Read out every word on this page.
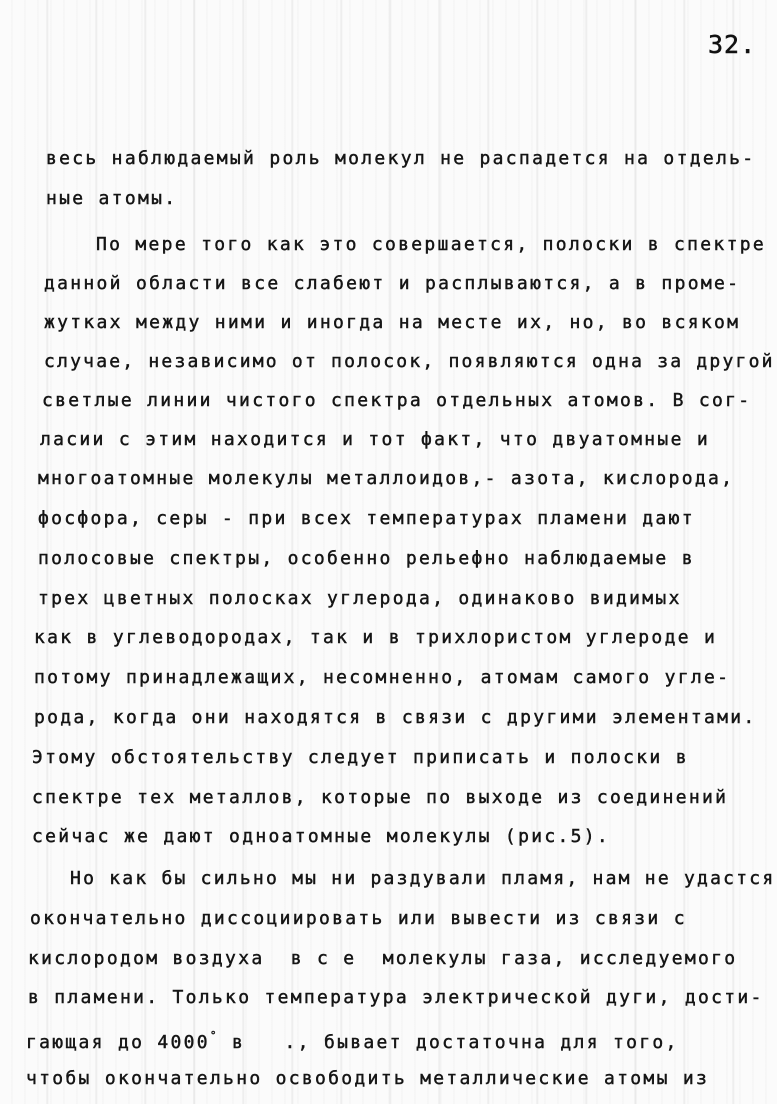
32.
весь наблюдаемый роль молекул не распадется на отдель-
ные атомы.
По мере того как это совершается, полоски в спектре
данной области все слабеют и расплываются, а в проме-
жутках между ними и иногда на месте их, но, во всяком
случае, независимо от полосок, появляются одна за другой
светлые линии чистого спектра отдельных атомов. В сог-
ласии с этим находится и тот факт, что двуатомные и
многоатомные молекулы металлоидов,- азота, кислорода,
фосфора, серы - при всех температурах пламени дают
полосовые спектры, особенно рельефно наблюдаемые в
трех цветных полосках углерода, одинаково видимых
как в углеводородах, так и в трихлористом углероде и
потому принадлежащих, несомненно, атомам самого угле-
рода, когда они находятся в связи с другими элементами.
Этому обстоятельству следует приписать и полоски в
спектре тех металлов, которые по выходе из соединений
сейчас же дают одноатомные молекулы (рис.5).
Но как бы сильно мы ни раздували пламя, нам не удастся
окончательно диссоциировать или вывести из связи с
кислородом воздуха  в с е  молекулы газа, исследуемого
в пламени. Только температура электрической дуги, дости-
гающая до 4000° в   ., бывает достаточна для того,
чтобы окончательно освободить металлические атомы из
